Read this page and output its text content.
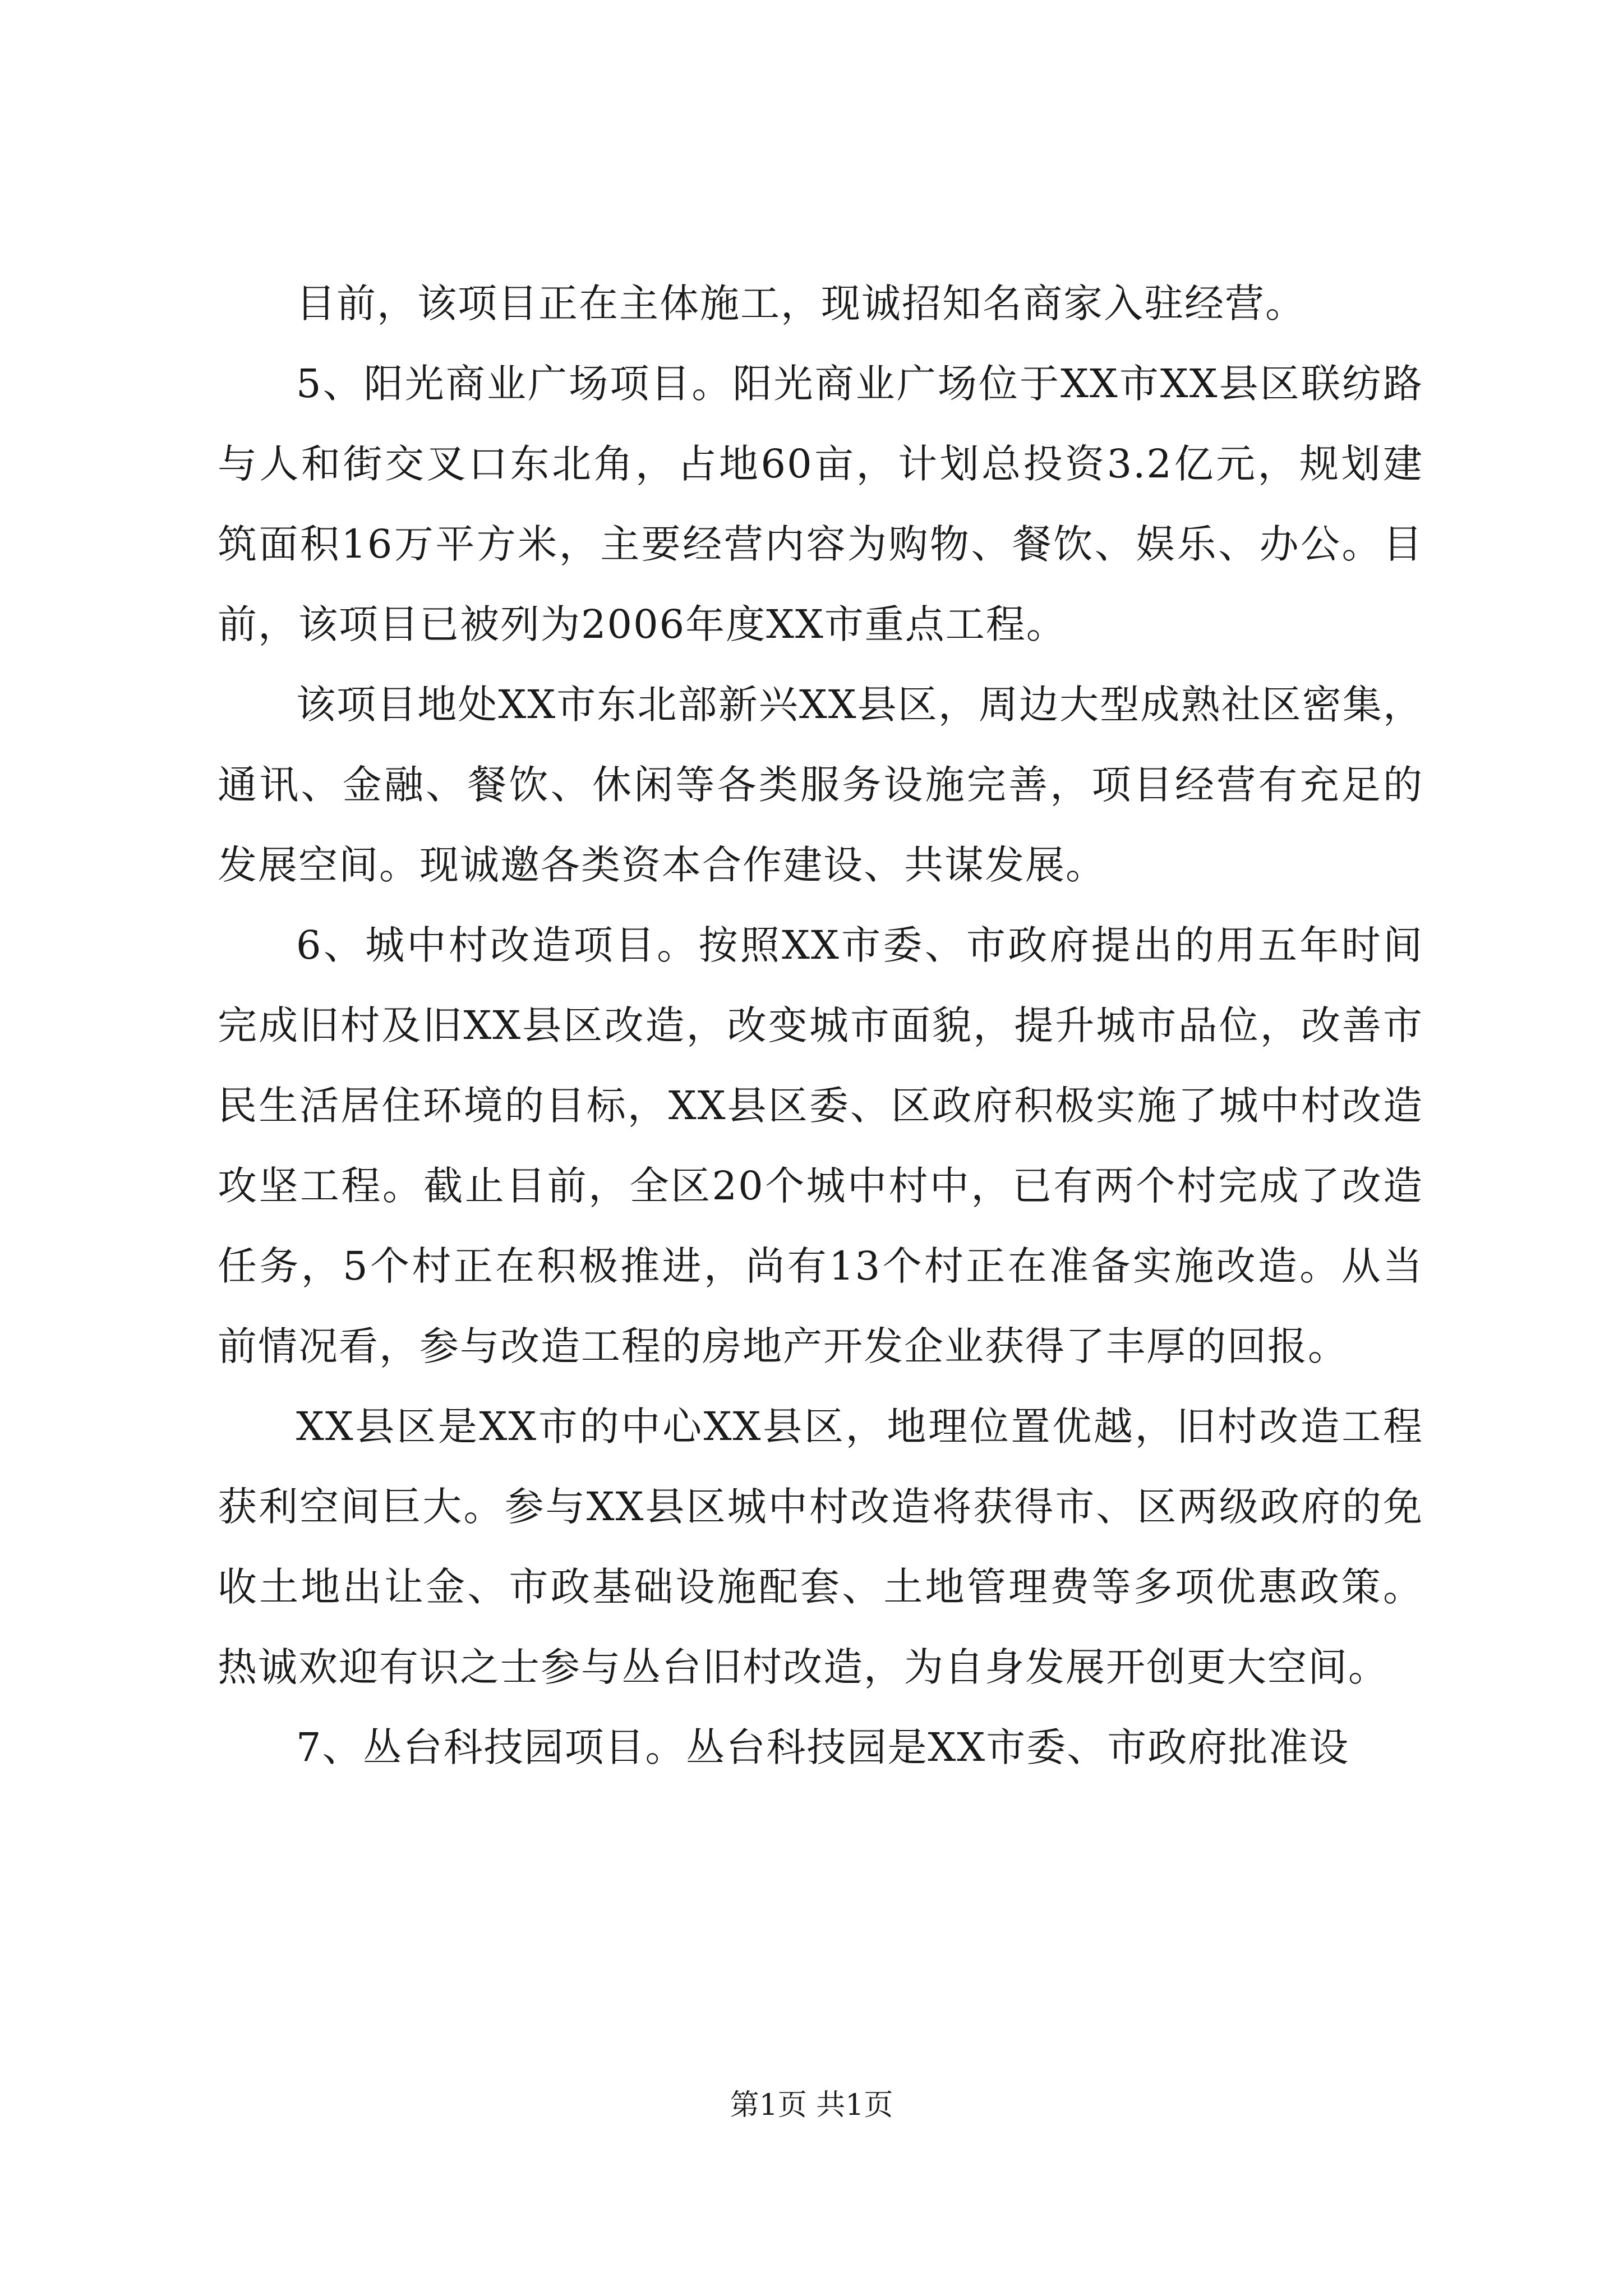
目前，该项目正在主体施工，现诚招知名商家入驻经营。

5、阳光商业广场项目。阳光商业广场位于XX市XX县区联纺路与人和街交叉口东北角，占地60亩，计划总投资3.2亿元，规划建筑面积16万平方米，主要经营内容为购物、餐饮、娱乐、办公。目前，该项目已被列为2006年度XX市重点工程。

该项目地处XX市东北部新兴XX县区，周边大型成熟社区密集，通讯、金融、餐饮、休闲等各类服务设施完善，项目经营有充足的发展空间。现诚邀各类资本合作建设、共谋发展。

6、城中村改造项目。按照XX市委、市政府提出的用五年时间完成旧村及旧XX县区改造，改变城市面貌，提升城市品位，改善市民生活居住环境的目标，XX县区委、区政府积极实施了城中村改造攻坚工程。截止目前，全区20个城中村中，已有两个村完成了改造任务，5个村正在积极推进，尚有13个村正在准备实施改造。从当前情况看，参与改造工程的房地产开发企业获得了丰厚的回报。

XX县区是XX市的中心XX县区，地理位置优越，旧村改造工程获利空间巨大。参与XX县区城中村改造将获得市、区两级政府的免收土地出让金、市政基础设施配套、土地管理费等多项优惠政策。热诚欢迎有识之士参与丛台旧村改造，为自身发展开创更大空间。

7、丛台科技园项目。丛台科技园是XX市委、市政府批准设

第1页 共1页
